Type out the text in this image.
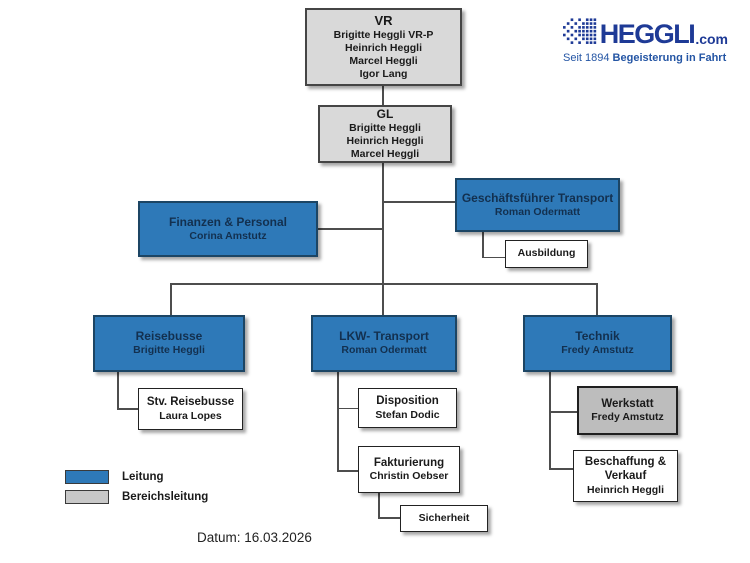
VR
Brigitte Heggli VR-P
Heinrich Heggli
Marcel Heggli
Igor Lang
GL
Brigitte Heggli
Heinrich Heggli
Marcel Heggli
Geschäftsführer Transport
Roman Odermatt
Finanzen & Personal
Corina Amstutz
Ausbildung
Reisebusse
Brigitte Heggli
Stv. Reisebusse
Laura Lopes
LKW- Transport
Roman Odermatt
Disposition
Stefan Dodic
Fakturierung
Christin Oebser
Sicherheit
Technik
Fredy Amstutz
Werkstatt
Fredy Amstutz
Beschaffung & Verkauf
Heinrich Heggli
HEGGLI .com
Seit 1894 Begeisterung in Fahrt
Leitung
Bereichsleitung
Datum: 16.03.2026
